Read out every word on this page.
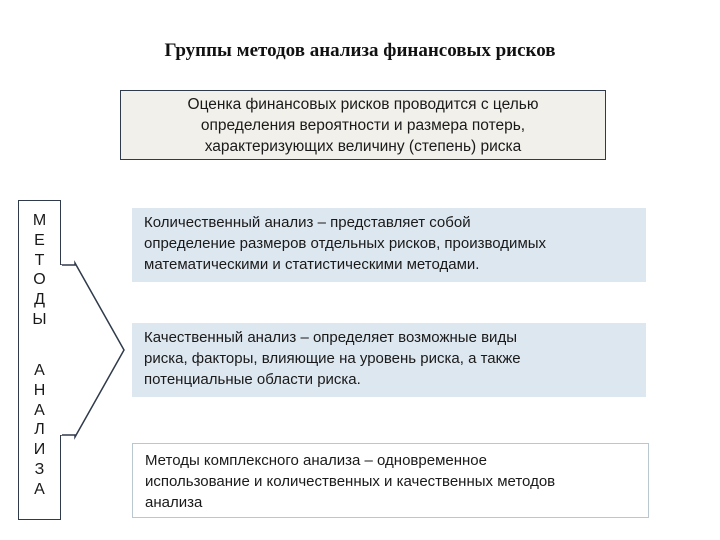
Группы методов анализа финансовых рисков
Оценка финансовых рисков проводится с целью
определения вероятности и размера потерь,
характеризующих величину (степень) риска
М
Е
Т
О
Д
Ы
А
Н
А
Л
И
З
А
Количественный анализ – представляет собой
определение размеров отдельных рисков, производимых
математическими и статистическими методами.
Качественный анализ – определяет возможные виды
риска, факторы, влияющие на уровень риска, а также
потенциальные области риска.
Методы комплексного анализа – одновременное
использование и количественных и качественных методов
анализа
